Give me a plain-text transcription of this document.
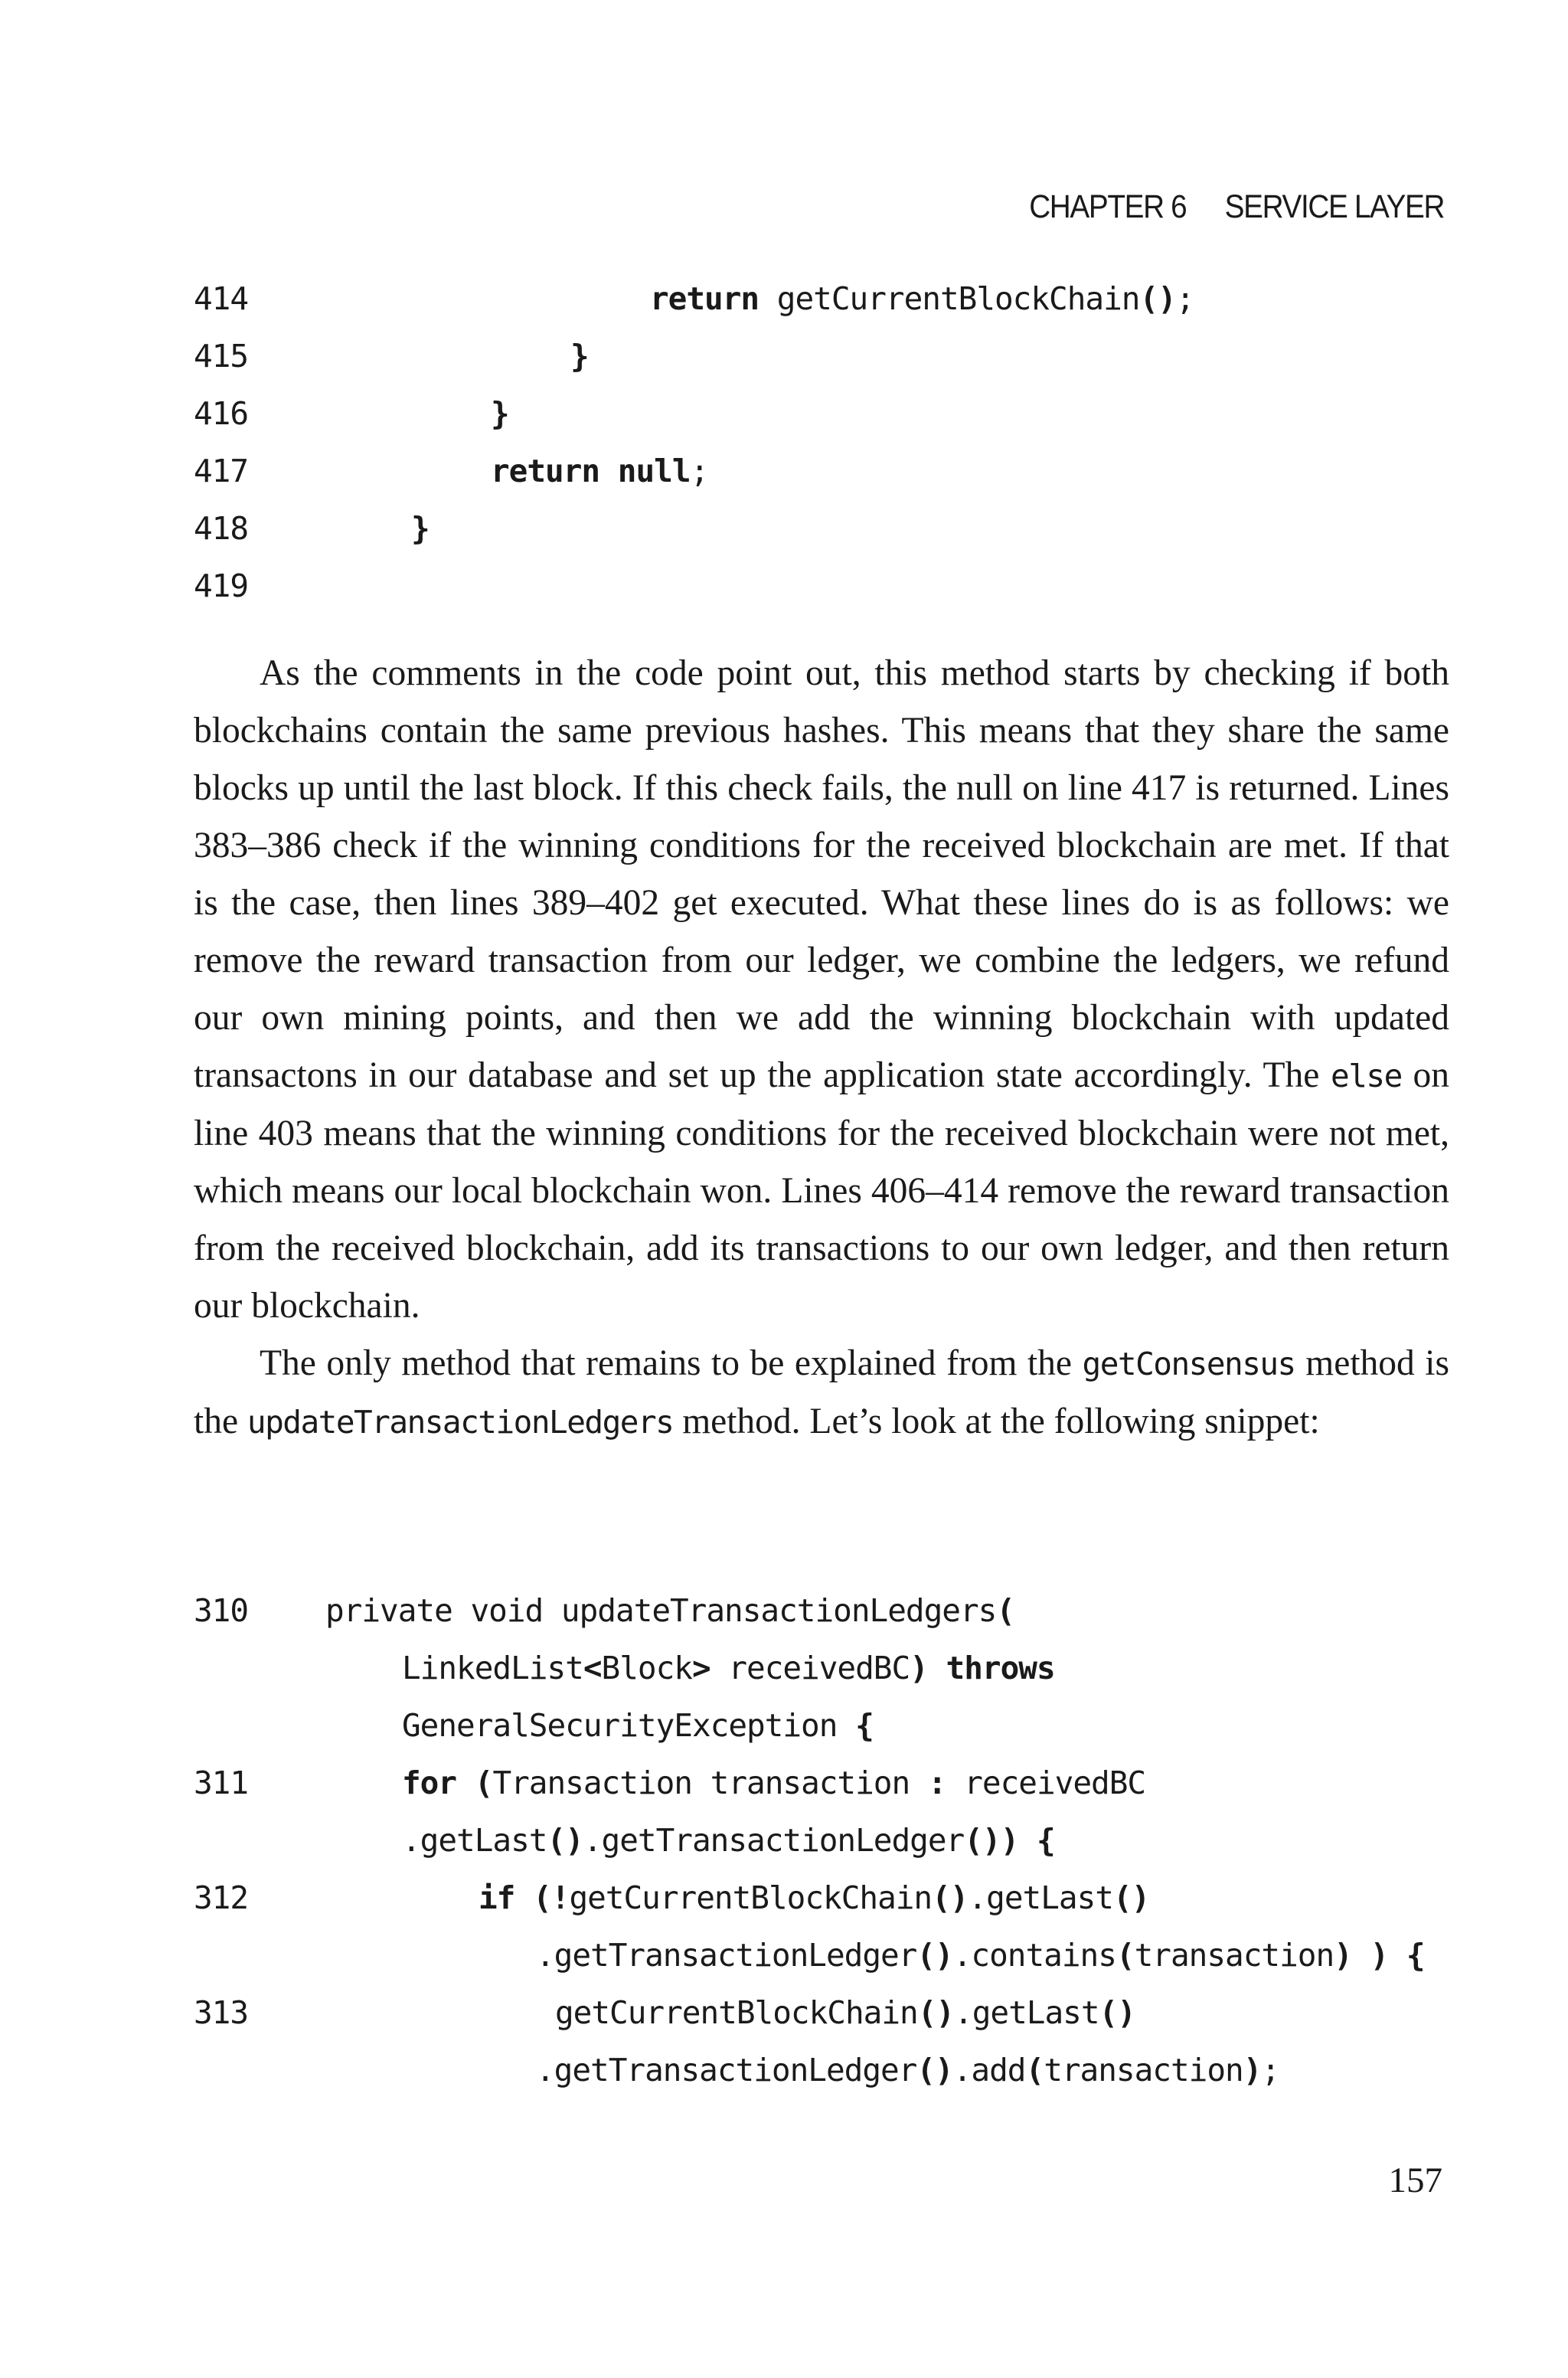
CHAPTER 6 SERVICE LAYER
414	return getCurrentBlockChain();
415	}
416	}
417	return null;
418	}
419

As the comments in the code point out, this method starts by checking if both blockchains contain the same previous hashes. This means that they share the same blocks up until the last block. If this check fails, the null on line 417 is returned. Lines 383–386 check if the winning conditions for the received blockchain are met. If that is the case, then lines 389–402 get executed. What these lines do is as follows: we remove the reward transaction from our ledger, we combine the ledgers, we refund our own mining points, and then we add the winning blockchain with updated transactons in our database and set up the application state accordingly. The else on line 403 means that the winning conditions for the received blockchain were not met, which means our local blockchain won. Lines 406–414 remove the reward transaction from the received blockchain, add its transactions to our own ledger, and then return our blockchain.

The only method that remains to be explained from the getConsensus method is the updateTransactionLedgers method. Let’s look at the following snippet:

310	private void updateTransactionLedgers(
LinkedList<Block> receivedBC) throws
GeneralSecurityException {
311	for (Transaction transaction : receivedBC
.getLast().getTransactionLedger()) {
312	if (!getCurrentBlockChain().getLast()
.getTransactionLedger().contains(transaction) ) {
313	getCurrentBlockChain().getLast()
.getTransactionLedger().add(transaction);
157
